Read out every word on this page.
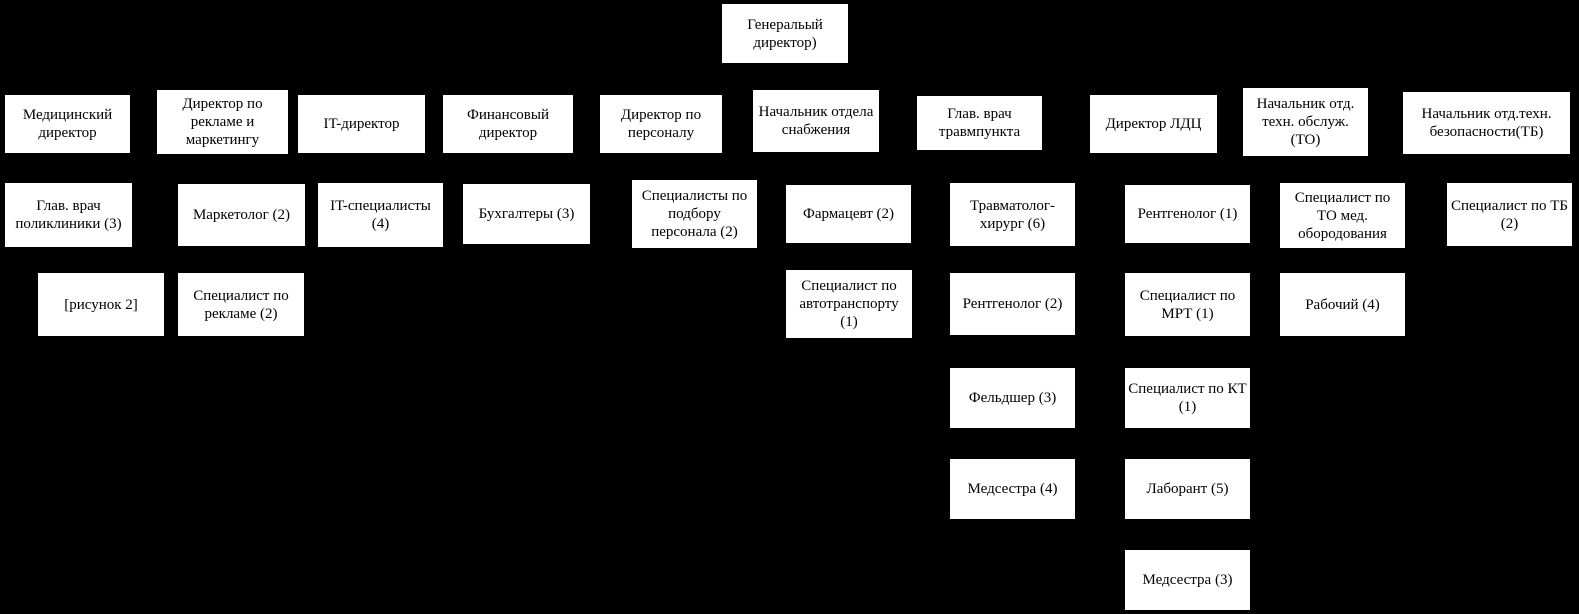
Генеральый директор)
Медицинский директор
Директор по рекламе и маркетингу
IT-директор
Финансовый директор
Директор по персоналу
Начальник отдела снабжения
Глав. врач травмпункта	Директор ЛДЦ
Начальник отд. техн. обслуж. (ТО)
Начальник отд.техн. безопасности(ТБ)
Глав. врач поликлиники (3)
Маркетолог (2)
IT-специалисты (4)
Бухгалтеры (3)
Специалисты по подбору персонала (2)
Фармацевт (2)
Травматолог-хирург (6)
Рентгенолог (1)
Специалист по ТО мед. обородования
Специалист по ТБ (2)
[рисунок 2]
Специалист по рекламе (2)
Специалист по автотранспорту (1)
Рентгенолог (2)
Специалист по МРТ (1)
Рабочий (4)
Фельдшер (3)
Специалист по КТ (1)
Медсестра (4)	Лаборант (5)
Медсестра (3)
